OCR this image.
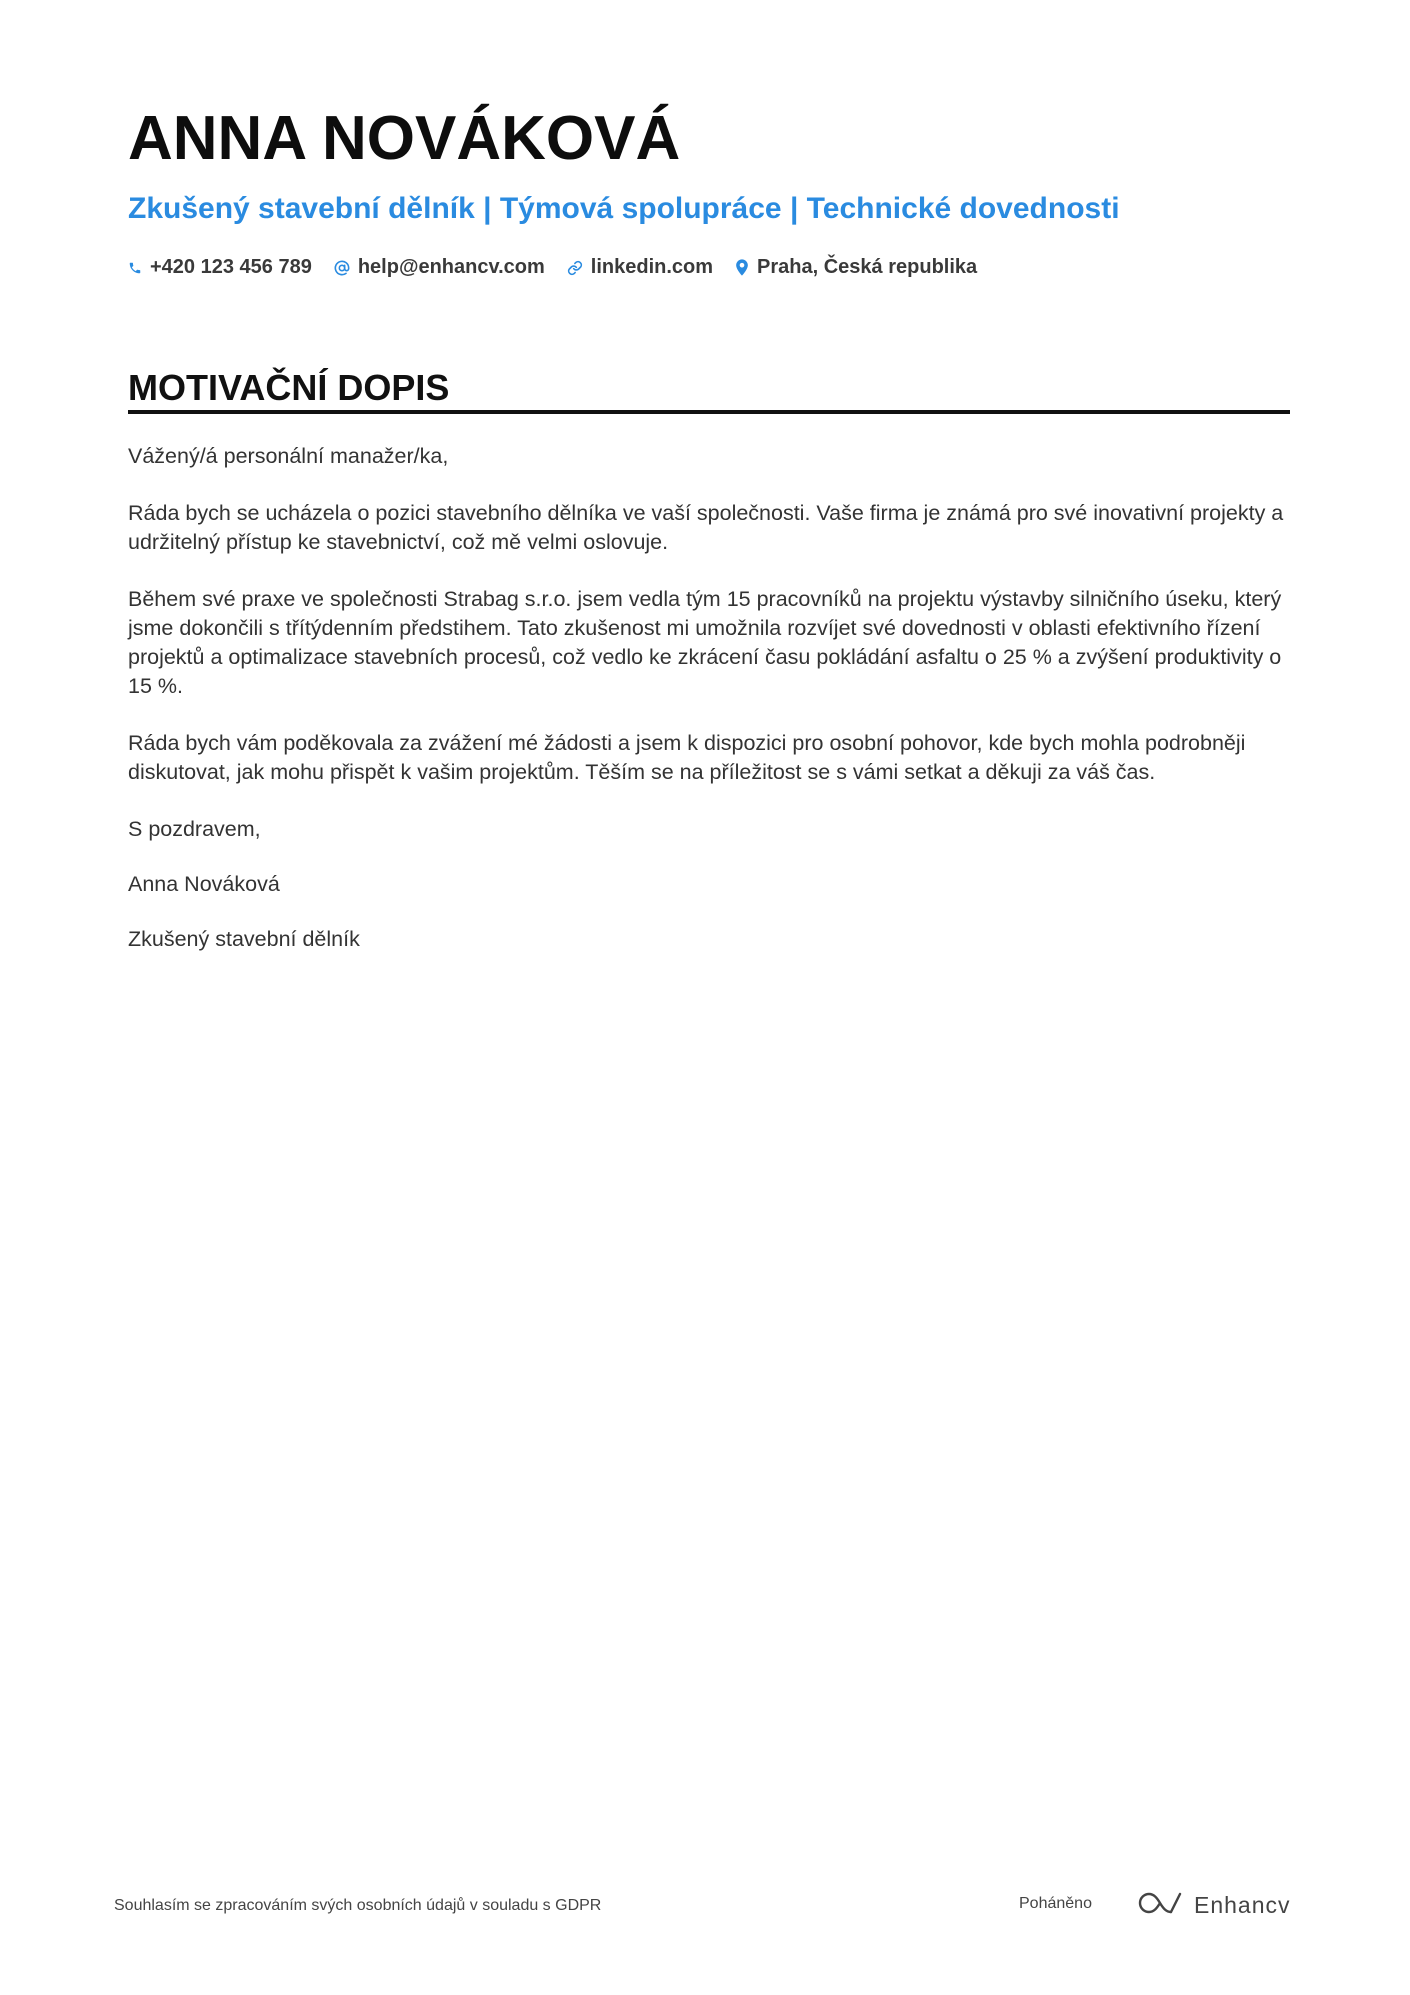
ANNA NOVÁKOVÁ
Zkušený stavební dělník | Týmová spolupráce | Technické dovednosti
+420 123 456 789 help@enhancv.com linkedin.com Praha, Česká republika
MOTIVAČNÍ DOPIS

Vážený/á personální manažer/ka,

Ráda bych se ucházela o pozici stavebního dělníka ve vaší společnosti. Vaše firma je známá pro své inovativní projekty a udržitelný přístup ke stavebnictví, což mě velmi oslovuje.

Během své praxe ve společnosti Strabag s.r.o. jsem vedla tým 15 pracovníků na projektu výstavby silničního úseku, který jsme dokončili s třítýdenním předstihem. Tato zkušenost mi umožnila rozvíjet své dovednosti v oblasti efektivního řízení projektů a optimalizace stavebních procesů, což vedlo ke zkrácení času pokládání asfaltu o 25 % a zvýšení produktivity o 15 %.

Ráda bych vám poděkovala za zvážení mé žádosti a jsem k dispozici pro osobní pohovor, kde bych mohla podrobněji diskutovat, jak mohu přispět k vašim projektům. Těším se na příležitost se s vámi setkat a děkuji za váš čas.

S pozdravem,

Anna Nováková

Zkušený stavební dělník

Souhlasím se zpracováním svých osobních údajů v souladu s GDPR	Poháněno	Enhancv
